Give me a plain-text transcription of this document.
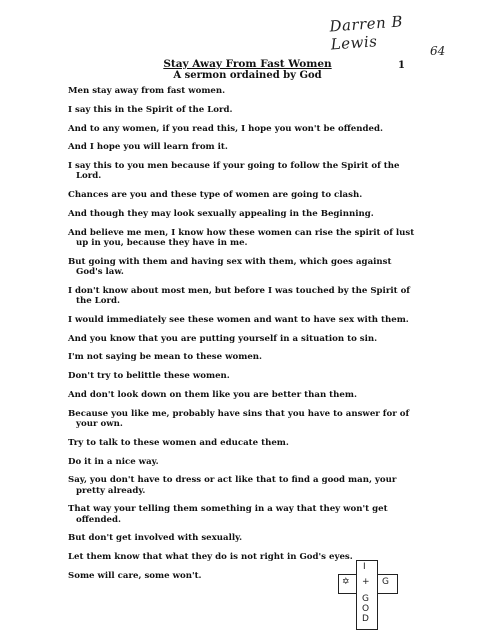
Darren B Lewis	64
1
Stay Away From Fast Women
A sermon ordained by God

Men stay away from fast women.

I say this in the Spirit of the Lord.

And to any women, if you read this, I hope you won't be offended.

And I hope you will learn from it.

I say this to you men because if your going to follow the Spirit of the Lord.

Chances are you and these type of women are going to clash.

And though they may look sexually appealing in the Beginning.

And believe me men, I know how these women can rise the spirit of lust up in you, because they have in me.

But going with them and having sex with them, which goes against God's law.

I don't know about most men, but before I was touched by the Spirit of the Lord.

I would immediately see these women and want to have sex with them.

And you know that you are putting yourself in a situation to sin.

I'm not saying be mean to these women.

Don't try to belittle these women.

And don't look down on them like you are better than them.

Because you like me, probably have sins that you have to answer for of your own.

Try to talk to these women and educate them.

Do it in a nice way.

Say, you don't have to dress or act like that to find a good man, your pretty already.

That way your telling them something in a way that they won't get offended.

But don't get involved with sexually.

Let them know that what they do is not right in God's eyes.

Some will care, some won't.

I
✡ + G
G
O
D
